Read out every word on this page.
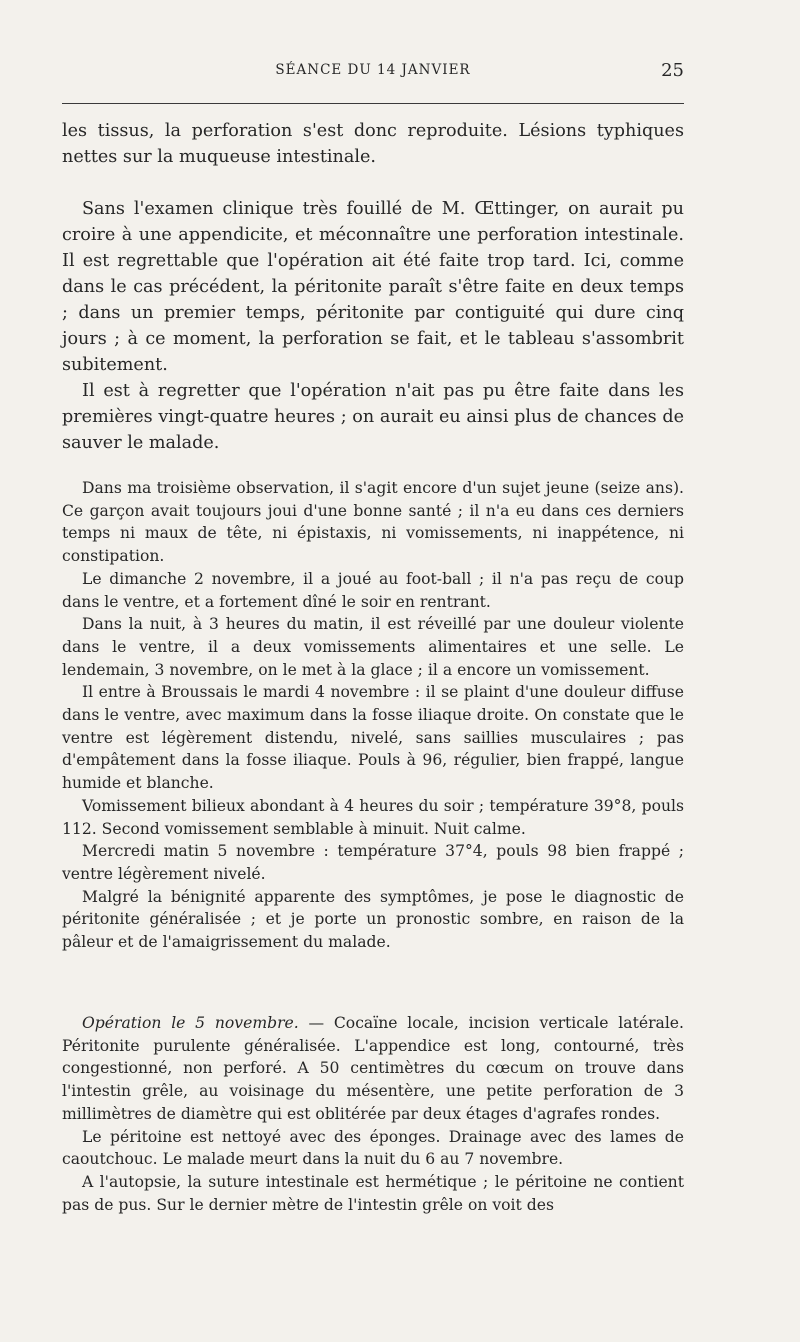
SÉANCE DU 14 JANVIER	25

les tissus, la perforation s'est donc reproduite. Lésions typhiques nettes sur la muqueuse intestinale.

Sans l'examen clinique très fouillé de M. Œttinger, on aurait pu croire à une appendicite, et méconnaître une perforation intestinale. Il est regrettable que l'opération ait été faite trop tard. Ici, comme dans le cas précédent, la péritonite paraît s'être faite en deux temps ; dans un premier temps, péritonite par contiguité qui dure cinq jours ; à ce moment, la perforation se fait, et le tableau s'assombrit subitement.

Il est à regretter que l'opération n'ait pas pu être faite dans les premières vingt-quatre heures ; on aurait eu ainsi plus de chances de sauver le malade.

Dans ma troisième observation, il s'agit encore d'un sujet jeune (seize ans). Ce garçon avait toujours joui d'une bonne santé ; il n'a eu dans ces derniers temps ni maux de tête, ni épistaxis, ni vomissements, ni inappétence, ni constipation.

Le dimanche 2 novembre, il a joué au foot-ball ; il n'a pas reçu de coup dans le ventre, et a fortement dîné le soir en rentrant.

Dans la nuit, à 3 heures du matin, il est réveillé par une douleur violente dans le ventre, il a deux vomissements alimentaires et une selle. Le lendemain, 3 novembre, on le met à la glace ; il a encore un vomissement.

Il entre à Broussais le mardi 4 novembre : il se plaint d'une douleur diffuse dans le ventre, avec maximum dans la fosse iliaque droite. On constate que le ventre est légèrement distendu, nivelé, sans saillies musculaires ; pas d'empâtement dans la fosse iliaque. Pouls à 96, régulier, bien frappé, langue humide et blanche.

Vomissement bilieux abondant à 4 heures du soir ; température 39°8, pouls 112. Second vomissement semblable à minuit. Nuit calme.

Mercredi matin 5 novembre : température 37°4, pouls 98 bien frappé ; ventre légèrement nivelé.

Malgré la bénignité apparente des symptômes, je pose le diagnostic de péritonite généralisée ; et je porte un pronostic sombre, en raison de la pâleur et de l'amaigrissement du malade.

Opération le 5 novembre. — Cocaïne locale, incision verticale latérale. Péritonite purulente généralisée. L'appendice est long, contourné, très congestionné, non perforé. A 50 centimètres du cœcum on trouve dans l'intestin grêle, au voisinage du mésentère, une petite perforation de 3 millimètres de diamètre qui est oblitérée par deux étages d'agrafes rondes.

Le péritoine est nettoyé avec des éponges. Drainage avec des lames de caoutchouc. Le malade meurt dans la nuit du 6 au 7 novembre.

A l'autopsie, la suture intestinale est hermétique ; le péritoine ne contient pas de pus. Sur le dernier mètre de l'intestin grêle on voit des
